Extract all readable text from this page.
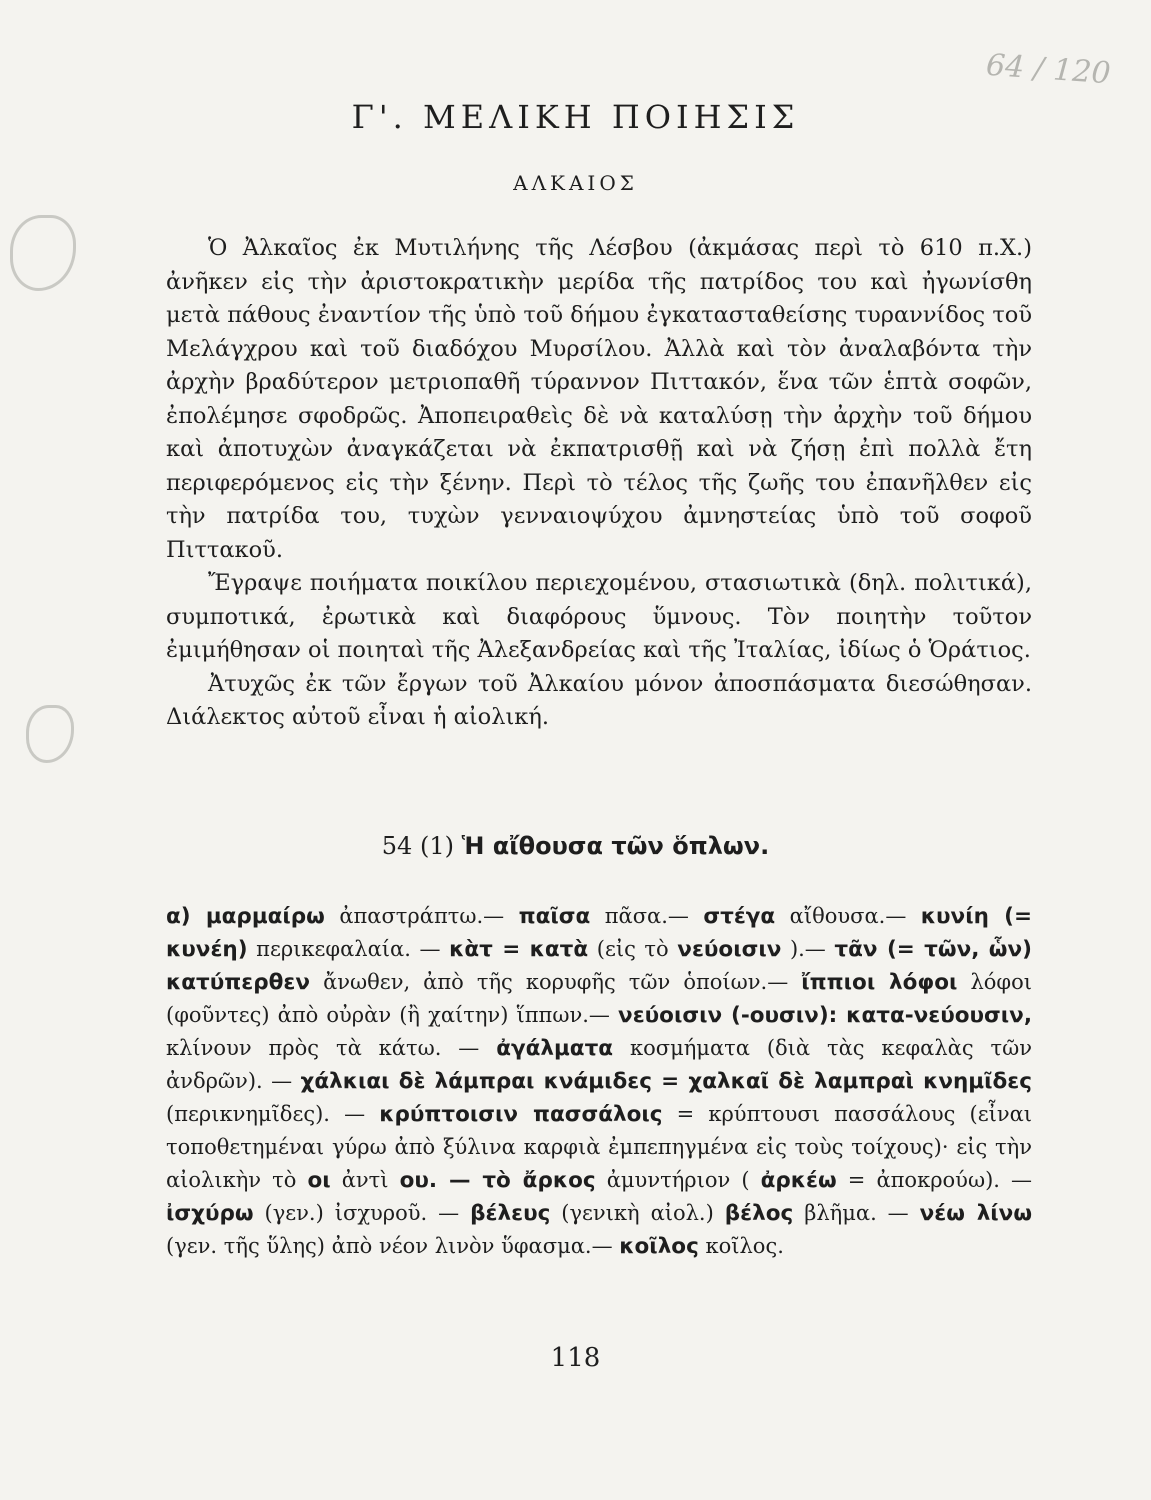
64 / 120

Γ'. ΜΕΛΙΚΗ ΠΟΙΗΣΙΣ
ΑΛΚΑΙΟΣ

Ὁ Ἀλκαῖος ἐκ Μυτιλήνης τῆς Λέσβου (ἀκμάσας περὶ τὸ 610 π.Χ.) ἀνῆκεν εἰς τὴν ἀριστοκρατικὴν μερίδα τῆς πατρίδος του καὶ ἠγωνίσθη μετὰ πάθους ἐναντίον τῆς ὑπὸ τοῦ δήμου ἐγκατασταθείσης τυραννίδος τοῦ Μελάγχρου καὶ τοῦ διαδόχου Μυρσίλου. Ἀλλὰ καὶ τὸν ἀναλαβόντα τὴν ἀρχὴν βραδύτερον μετριοπαθῆ τύραννον Πιττακόν, ἕνα τῶν ἑπτὰ σοφῶν, ἐπολέμησε σφοδρῶς. Ἀποπειραθεὶς δὲ νὰ καταλύσῃ τὴν ἀρχὴν τοῦ δήμου καὶ ἀποτυχὼν ἀναγκάζεται νὰ ἐκπατρισθῇ καὶ νὰ ζήσῃ ἐπὶ πολλὰ ἔτη περιφερόμενος εἰς τὴν ξένην. Περὶ τὸ τέλος τῆς ζωῆς του ἐπανῆλθεν εἰς τὴν πατρίδα του, τυχὼν γενναιοψύχου ἀμνηστείας ὑπὸ τοῦ σοφοῦ Πιττακοῦ.

Ἔγραψε ποιήματα ποικίλου περιεχομένου, στασιωτικὰ (δηλ. πολιτικά), συμποτικά, ἐρωτικὰ καὶ διαφόρους ὕμνους. Τὸν ποιητὴν τοῦτον ἐμιμήθησαν οἱ ποιηταὶ τῆς Ἀλεξανδρείας καὶ τῆς Ἰταλίας, ἰδίως ὁ Ὁράτιος.

Ἀτυχῶς ἐκ τῶν ἔργων τοῦ Ἀλκαίου μόνον ἀποσπάσματα διεσώθησαν. Διάλεκτος αὐτοῦ εἶναι ἡ αἰολική.

54 (1) Ἡ αἴθουσα τῶν ὅπλων.

α) μαρμαίρω ἀπαστράπτω.— παῖσα πᾶσα.— στέγα αἴθουσα.— κυνίη (= κυνέη) περικεφαλαία. — κὰτ = κατὰ (εἰς τὸ νεύοισιν ).— τᾶν (= τῶν, ὧν) κατύπερθεν ἄνωθεν, ἀπὸ τῆς κορυφῆς τῶν ὁποίων.— ἴππιοι λόφοι λόφοι (φοῦντες) ἀπὸ οὐρὰν (ἢ χαίτην) ἵππων.— νεύοισιν (-ουσιν): κατα-νεύουσιν, κλίνουν πρὸς τὰ κάτω. — ἀγάλματα κοσμήματα (διὰ τὰς κεφαλὰς τῶν ἀνδρῶν). — χάλκιαι δὲ λάμπραι κνάμιδες = χαλκαῖ δὲ λαμπραὶ κνημῖδες (περικνημῖδες). — κρύπτοισιν πασσάλοις = κρύπτουσι πασσάλους (εἶναι τοποθετημέναι γύρω ἀπὸ ξύλινα καρφιὰ ἐμπεπηγμένα εἰς τοὺς τοίχους)· εἰς τὴν αἰολικὴν τὸ οι ἀντὶ ου. — τὸ ἄρκος ἀμυντήριον ( ἀρκέω = ἀποκρούω). — ἰσχύρω (γεν.) ἰσχυροῦ. — βέλευς (γενικὴ αἰολ.) βέλος βλῆμα. — νέω λίνω (γεν. τῆς ὕλης) ἀπὸ νέον λινὸν ὕφασμα.— κοῖλος κοῖλος.

118
